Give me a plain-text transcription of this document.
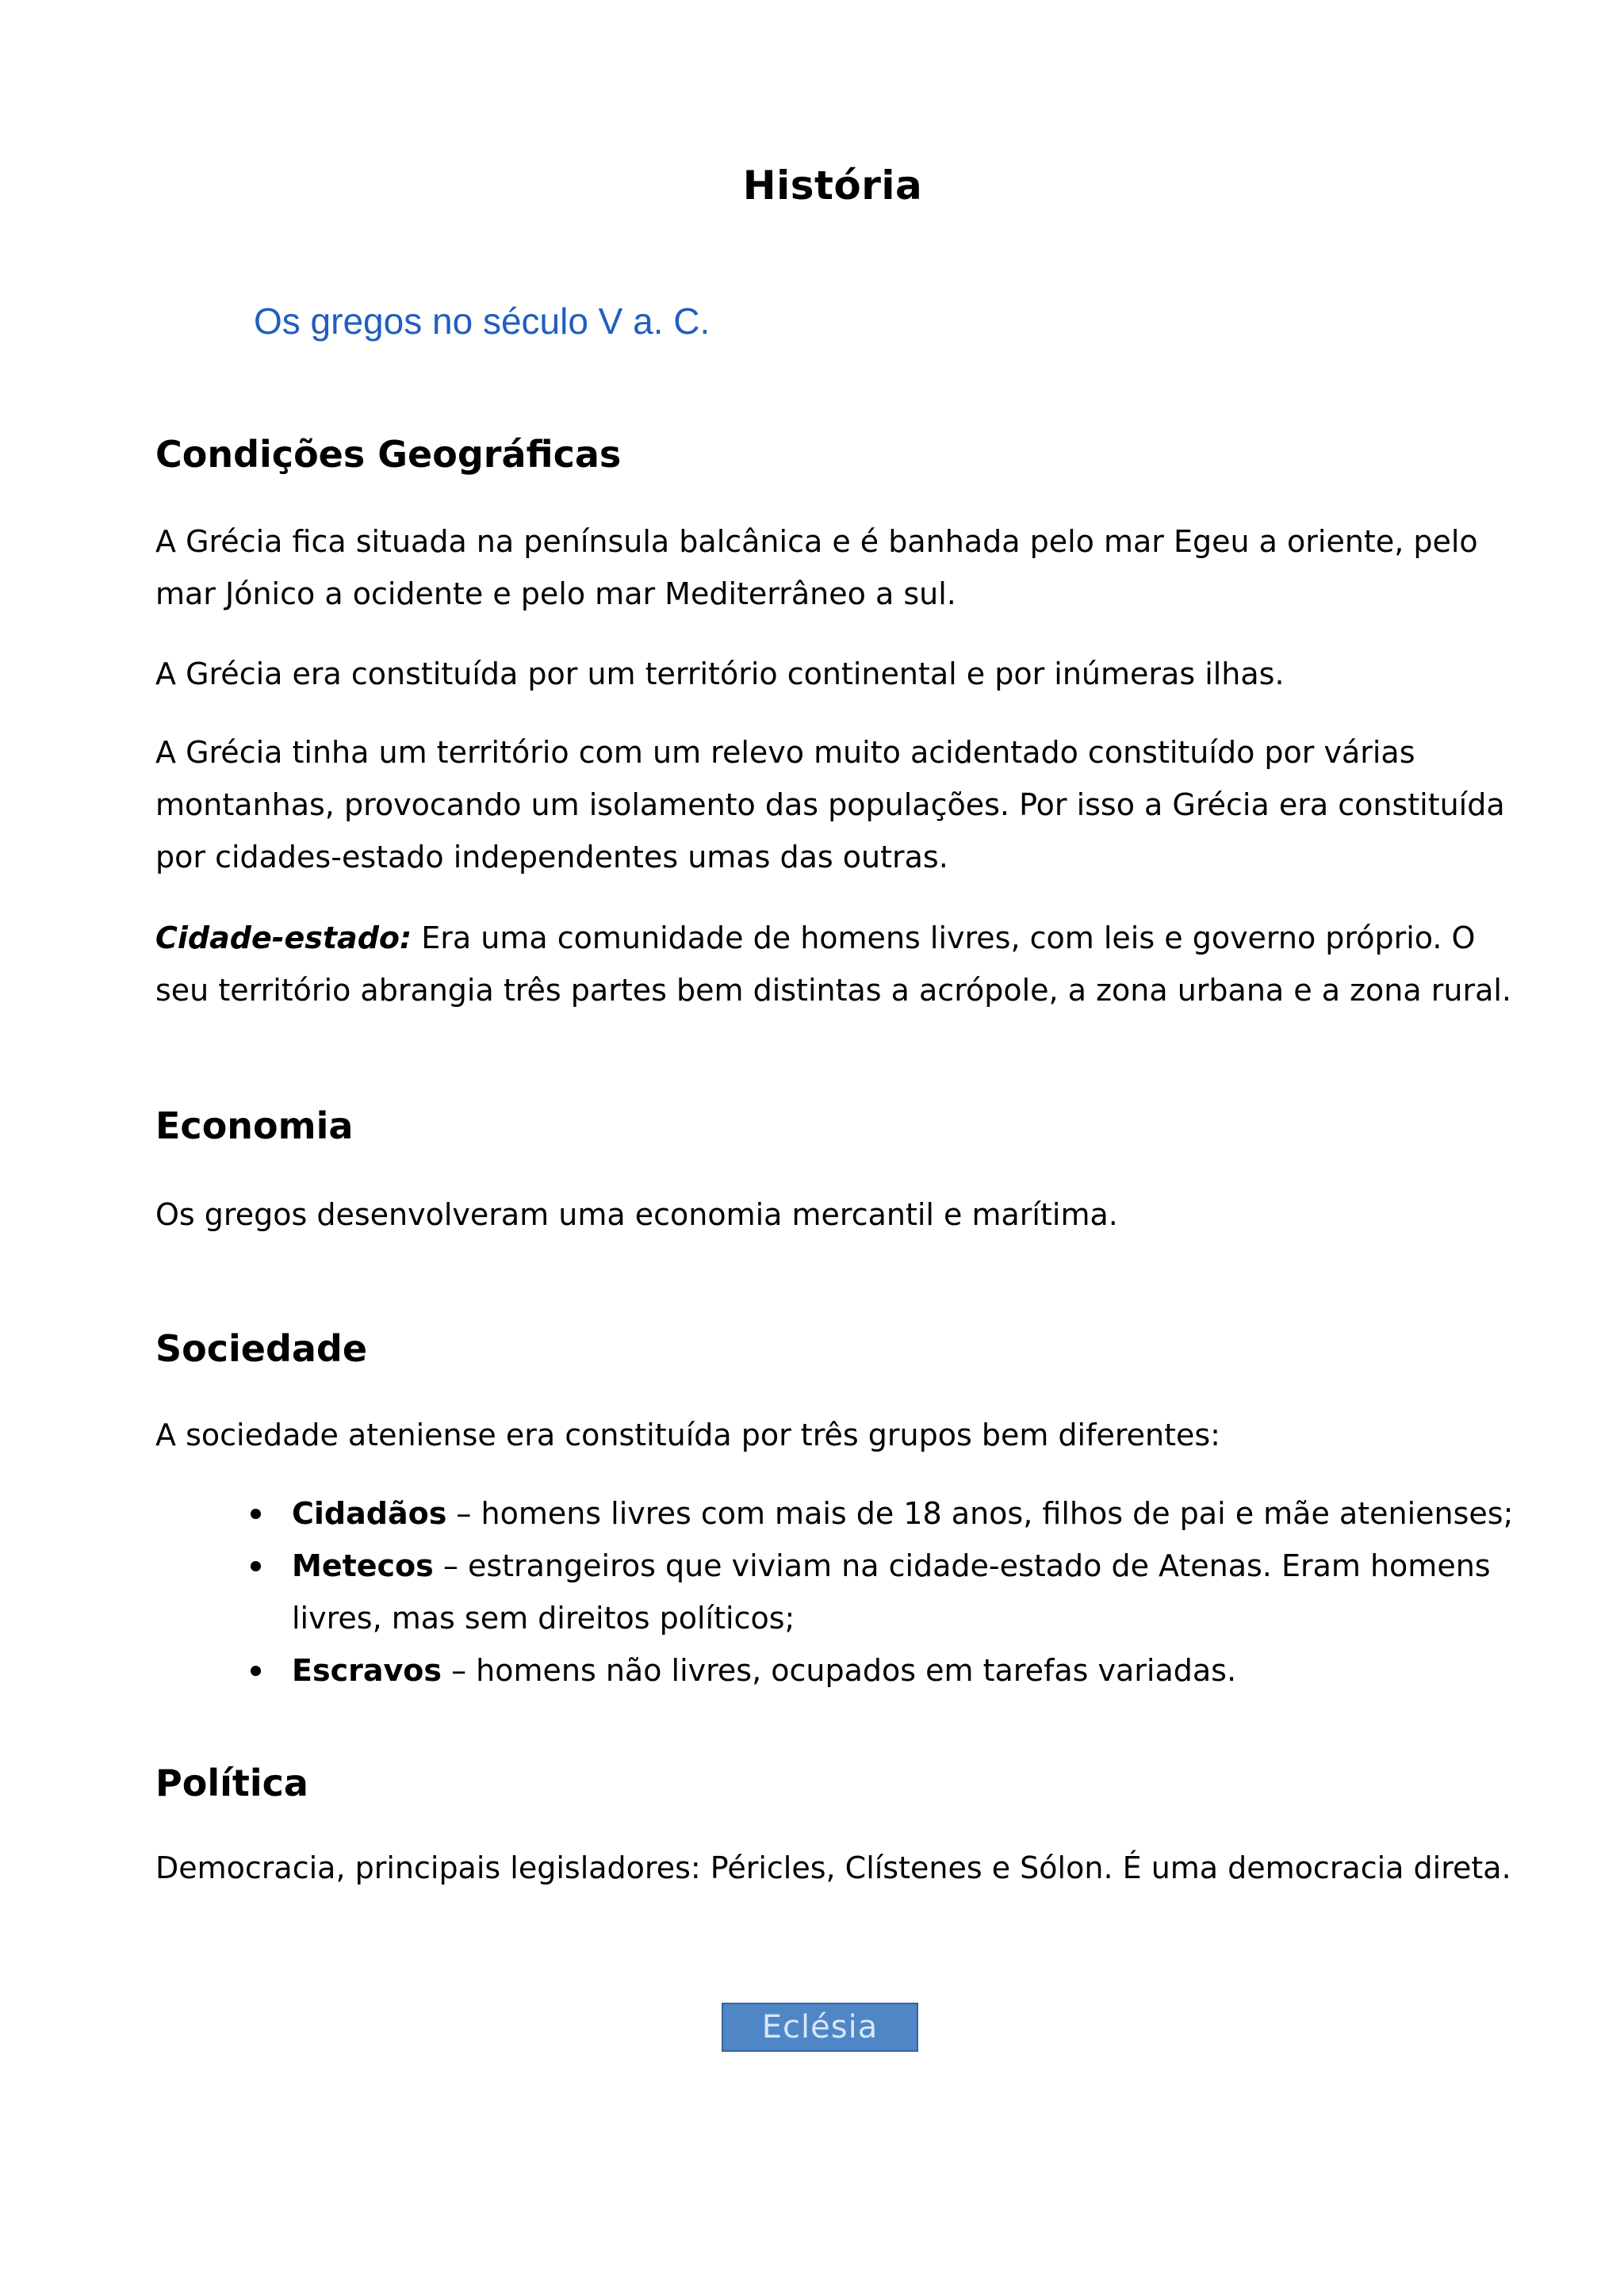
História
Os gregos no século V a. C.
Condições Geográficas

A Grécia fica situada na península balcânica e é banhada pelo mar Egeu a oriente, pelo mar Jónico a ocidente e pelo mar Mediterrâneo a sul.

A Grécia era constituída por um território continental e por inúmeras ilhas.

A Grécia tinha um território com um relevo muito acidentado constituído por várias montanhas, provocando um isolamento das populações. Por isso a Grécia era constituída por cidades-estado independentes umas das outras.

Cidade-estado: Era uma comunidade de homens livres, com leis e governo próprio. O seu território abrangia três partes bem distintas a acrópole, a zona urbana e a zona rural.

Economia

Os gregos desenvolveram uma economia mercantil e marítima.

Sociedade

A sociedade ateniense era constituída por três grupos bem diferentes:

Cidadãos – homens livres com mais de 18 anos, filhos de pai e mãe atenienses;
Metecos – estrangeiros que viviam na cidade-estado de Atenas. Eram homens livres, mas sem direitos políticos;
Escravos – homens não livres, ocupados em tarefas variadas.
Política

Democracia, principais legisladores: Péricles, Clístenes e Sólon. É uma democracia direta.

Eclésia
